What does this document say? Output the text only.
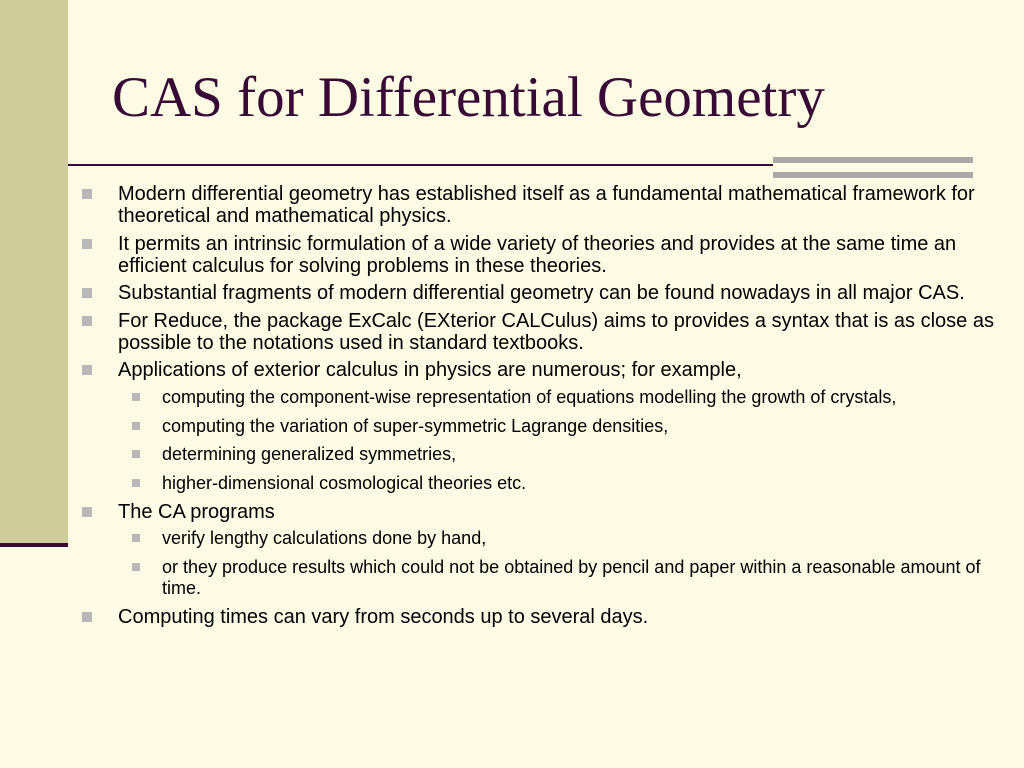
CAS for Differential Geometry
Modern differential geometry has established itself as a fundamental mathematical framework for theoretical and mathematical physics.
It permits an intrinsic formulation of a wide variety of theories and provides at the same time an efficient calculus for solving problems in these theories.
Substantial fragments of modern differential geometry can be found nowadays in all major CAS.
For Reduce, the package ExCalc (EXterior CALCulus) aims to provides a syntax that is as close as possible to the notations used in standard textbooks.
Applications of exterior calculus in physics are numerous; for example,
computing the component-wise representation of equations modelling the growth of crystals,
computing the variation of super-symmetric Lagrange densities,
determining generalized symmetries,
higher-dimensional cosmological theories etc.
The CA programs
verify lengthy calculations done by hand,
or they produce results which could not be obtained by pencil and paper within a reasonable amount of time.
Computing times can vary from seconds up to several days.
